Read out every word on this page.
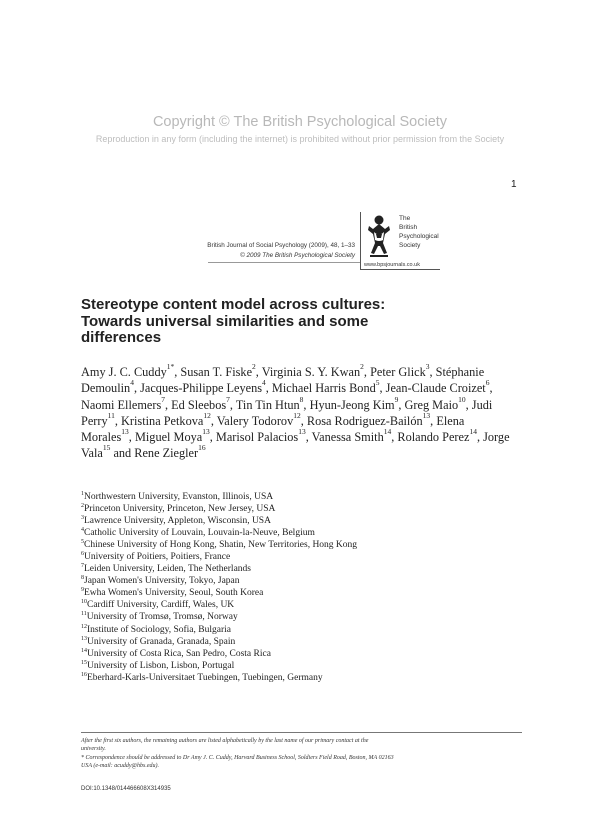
Copyright © The British Psychological Society
Reproduction in any form (including the internet) is prohibited without prior permission from the Society
1
British Journal of Social Psychology (2009), 48, 1–33
© 2009 The British Psychological Society
The
British
Psychological
Society
www.bpsjournals.co.uk
Stereotype content model across cultures:
Towards universal similarities and some
differences
Amy J. C. Cuddy$^{1*}$, Susan T. Fiske$^2$, Virginia S. Y. Kwan$^2$, Peter Glick$^3$, Stéphanie Demoulin$^4$, Jacques-Philippe Leyens$^4$, Michael Harris Bond$^5$, Jean-Claude Croizet$^6$, Naomi Ellemers$^7$, Ed Sleebos$^7$, Tin Tin Htun$^8$, Hyun-Jeong Kim$^9$, Greg Maio$^{10}$, Judi Perry$^{11}$, Kristina Petkova$^{12}$, Valery Todorov$^{12}$, Rosa Rodriguez-Bailón$^{13}$, Elena Morales$^{13}$, Miguel Moya$^{13}$, Marisol Palacios$^{13}$, Vanessa Smith$^{14}$, Rolando Perez$^{14}$, Jorge Vala$^{15}$ and Rene Ziegler$^{16}$
$^1$Northwestern University, Evanston, Illinois, USA
$^2$Princeton University, Princeton, New Jersey, USA
$^3$Lawrence University, Appleton, Wisconsin, USA
$^4$Catholic University of Louvain, Louvain-la-Neuve, Belgium
$^5$Chinese University of Hong Kong, Shatin, New Territories, Hong Kong
$^6$University of Poitiers, Poitiers, France
$^7$Leiden University, Leiden, The Netherlands
$^8$Japan Women's University, Tokyo, Japan
$^9$Ewha Women's University, Seoul, South Korea
$^{10}$Cardiff University, Cardiff, Wales, UK
$^{11}$University of Tromsø, Tromsø, Norway
$^{12}$Institute of Sociology, Sofia, Bulgaria
$^{13}$University of Granada, Granada, Spain
$^{14}$University of Costa Rica, San Pedro, Costa Rica
$^{15}$University of Lisbon, Lisbon, Portugal
$^{16}$Eberhard-Karls-Universitaet Tuebingen, Tuebingen, Germany
After the first six authors, the remaining authors are listed alphabetically by the last name of our primary contact at the
university.
* Correspondence should be addressed to Dr Amy J. C. Cuddy, Harvard Business School, Soldiers Field Road, Boston, MA 02163
USA (e-mail: acuddy@hbs.edu).
DOI:10.1348/014466608X314935
